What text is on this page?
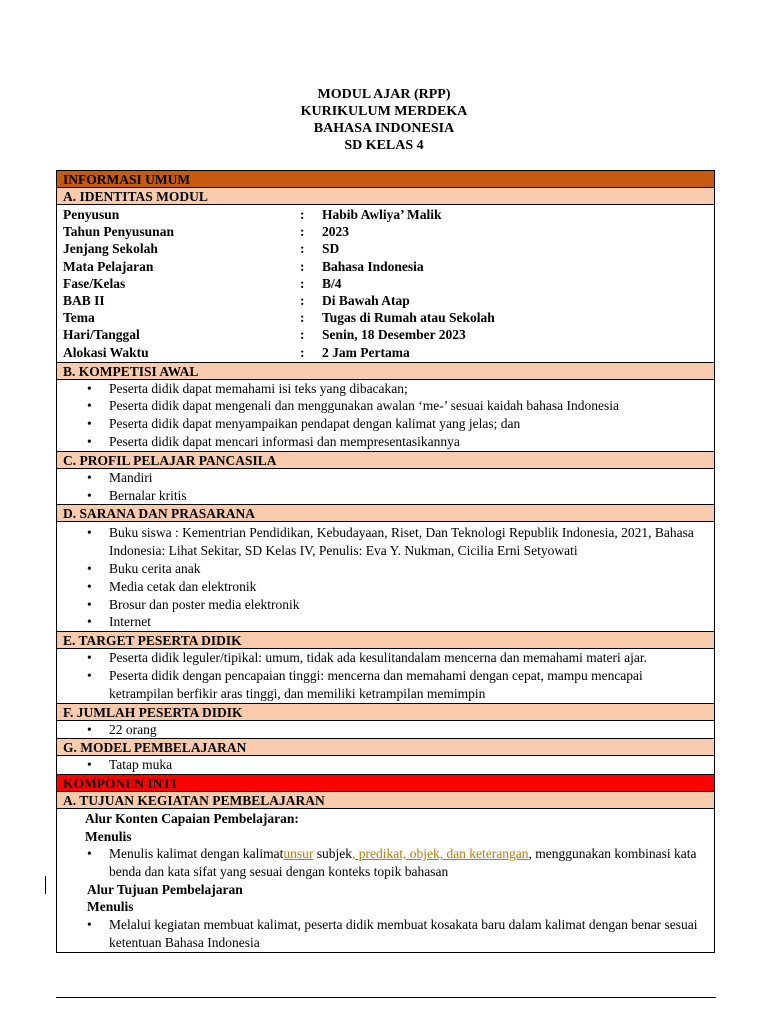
MODUL AJAR (RPP)
KURIKULUM MERDEKA
BAHASA INDONESIA
SD KELAS 4
INFORMASI UMUM
A. IDENTITAS MODUL
Penyusun	:	Habib Awliya’ Malik
Tahun Penyusunan	:	2023
Jenjang Sekolah	:	SD
Mata Pelajaran	:	Bahasa Indonesia
Fase/Kelas	:	B/4
BAB II	:	Di Bawah Atap
Tema	:	Tugas di Rumah atau Sekolah
Hari/Tanggal	:	Senin, 18 Desember 2023
Alokasi Waktu	:	2 Jam Pertama
B. KOMPETISI AWAL
• Peserta didik dapat memahami isi teks yang dibacakan;
• Peserta didik dapat mengenali dan menggunakan awalan ‘me-’ sesuai kaidah bahasa Indonesia
• Peserta didik dapat menyampaikan pendapat dengan kalimat yang jelas; dan
• Peserta didik dapat mencari informasi dan mempresentasikannya
C. PROFIL PELAJAR PANCASILA
• Mandiri
• Bernalar kritis
D. SARANA DAN PRASARANA
• Buku siswa : Kementrian Pendidikan, Kebudayaan, Riset, Dan Teknologi Republik Indonesia, 2021, Bahasa Indonesia: Lihat Sekitar, SD Kelas IV, Penulis: Eva Y. Nukman, Cicilia Erni Setyowati
• Buku cerita anak
• Media cetak dan elektronik
• Brosur dan poster media elektronik
• Internet
E. TARGET PESERTA DIDIK
• Peserta didik leguler/tipikal: umum, tidak ada kesulitandalam mencerna dan memahami materi ajar.
• Peserta didik dengan pencapaian tinggi: mencerna dan memahami dengan cepat, mampu mencapai ketrampilan berfikir aras tinggi, dan memiliki ketrampilan memimpin
F. JUMLAH PESERTA DIDIK
• 22 orang
G. MODEL PEMBELAJARAN
• Tatap muka
KOMPONEN INTI
A. TUJUAN KEGIATAN PEMBELAJARAN
Alur Konten Capaian Pembelajaran:
Menulis
• Menulis kalimat dengan kalimatunsur subjek, predikat, objek, dan keterangan, menggunakan kombinasi kata benda dan kata sifat yang sesuai dengan konteks topik bahasan
Alur Tujuan Pembelajaran
Menulis
• Melalui kegiatan membuat kalimat, peserta didik membuat kosakata baru dalam kalimat dengan benar sesuai ketentuan Bahasa Indonesia
